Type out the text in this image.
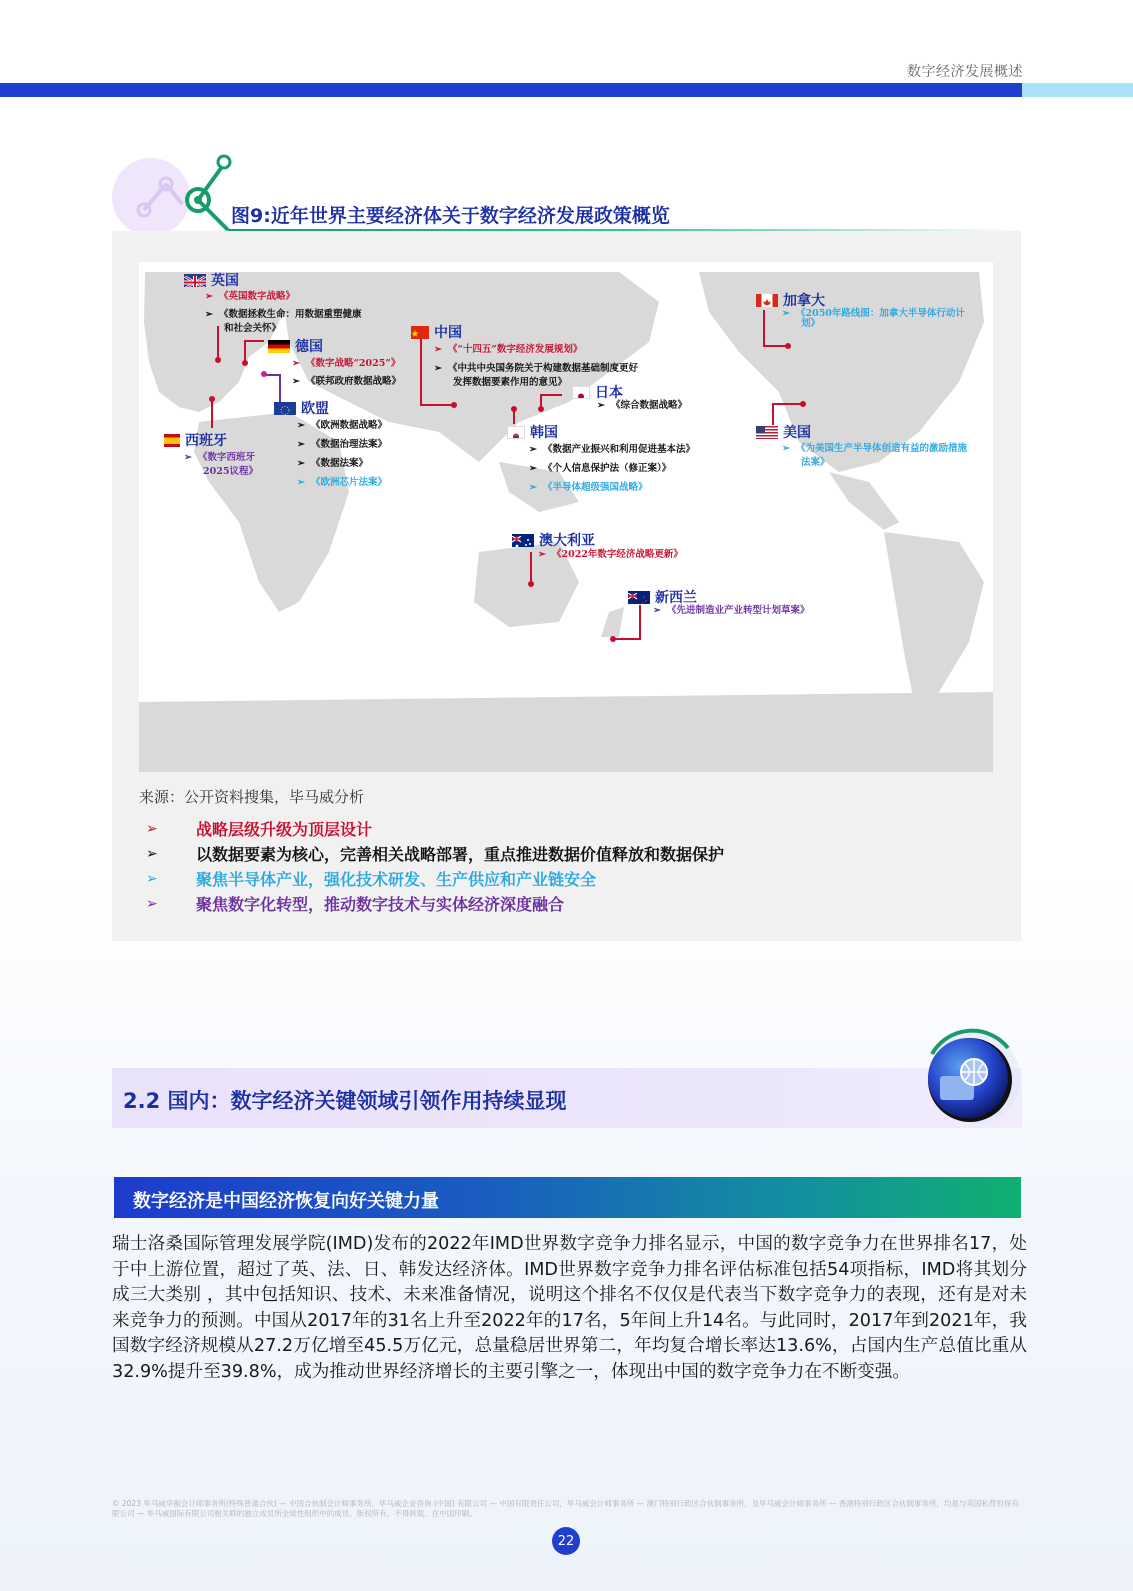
数字经济发展概述
图9:近年世界主要经济体关于数字经济发展政策概览
英国
➢ 《英国数字战略》
➢ 《数据拯救生命：用数据重塑健康
和社会关怀》
德国
➢ 《数字战略“2025”》
➢ 《联邦政府数据战略》
欧盟
➢ 《欧洲数据战略》
➢ 《数据治理法案》
➢ 《数据法案》
➢ 《欧洲芯片法案》
西班牙
➢ 《数字西班牙
2025议程》
中国
➢ 《“十四五”数字经济发展规划》
➢ 《中共中央国务院关于构建数据基础制度更好
发挥数据要素作用的意见》
日本
➢ 《综合数据战略》
韩国
➢ 《数据产业振兴和利用促进基本法》
➢ 《个人信息保护法（修正案）》
➢ 《半导体超级强国战略》
加拿大
➢ 《2050年路线图：加拿大半导体行动计
划》
美国
➢ 《为美国生产半导体创造有益的激励措施
法案》
澳大利亚
➢ 《2022年数字经济战略更新》
新西兰
➢ 《先进制造业产业转型计划草案》
来源：公开资料搜集，毕马威分析
➢	战略层级升级为顶层设计
➢	以数据要素为核心，完善相关战略部署，重点推进数据价值释放和数据保护
➢	聚焦半导体产业，强化技术研发、生产供应和产业链安全
➢	聚焦数字化转型，推动数字技术与实体经济深度融合
2.2 国内：数字经济关键领域引领作用持续显现
数字经济是中国经济恢复向好关键力量
瑞士洛桑国际管理发展学院(IMD)发布的2022年IMD世界数字竞争力排名显示，中国的数字竞争力在世界排名17，处于中上游位置，超过了英、法、日、韩发达经济体。IMD世界数字竞争力排名评估标准包括54项指标，IMD将其划分成三大类别 ，其中包括知识、技术、未来准备情况，说明这个排名不仅仅是代表当下数字竞争力的表现，还有是对未来竞争力的预测。中国从2017年的31名上升至2022年的17名，5年间上升14名。与此同时，2017年到2021年，我国数字经济规模从27.2万亿增至45.5万亿元，总量稳居世界第二，年均复合增长率达13.6%，占国内生产总值比重从32.9%提升至39.8%，成为推动世界经济增长的主要引擎之一，体现出中国的数字竞争力在不断变强。
© 2023 毕马威华振会计师事务所(特殊普通合伙) — 中国合伙制会计师事务所，毕马威企业咨询 (中国) 有限公司 — 中国有限责任公司，毕马威会计师事务所 — 澳门特别行政区合伙制事务所，及毕马威会计师事务所 — 香港特别行政区合伙制事务所，均是与英国私营担保有限公司 — 毕马威国际有限公司相关联的独立成员所全球性组织中的成员。版权所有，不得转载。在中国印刷。
22
